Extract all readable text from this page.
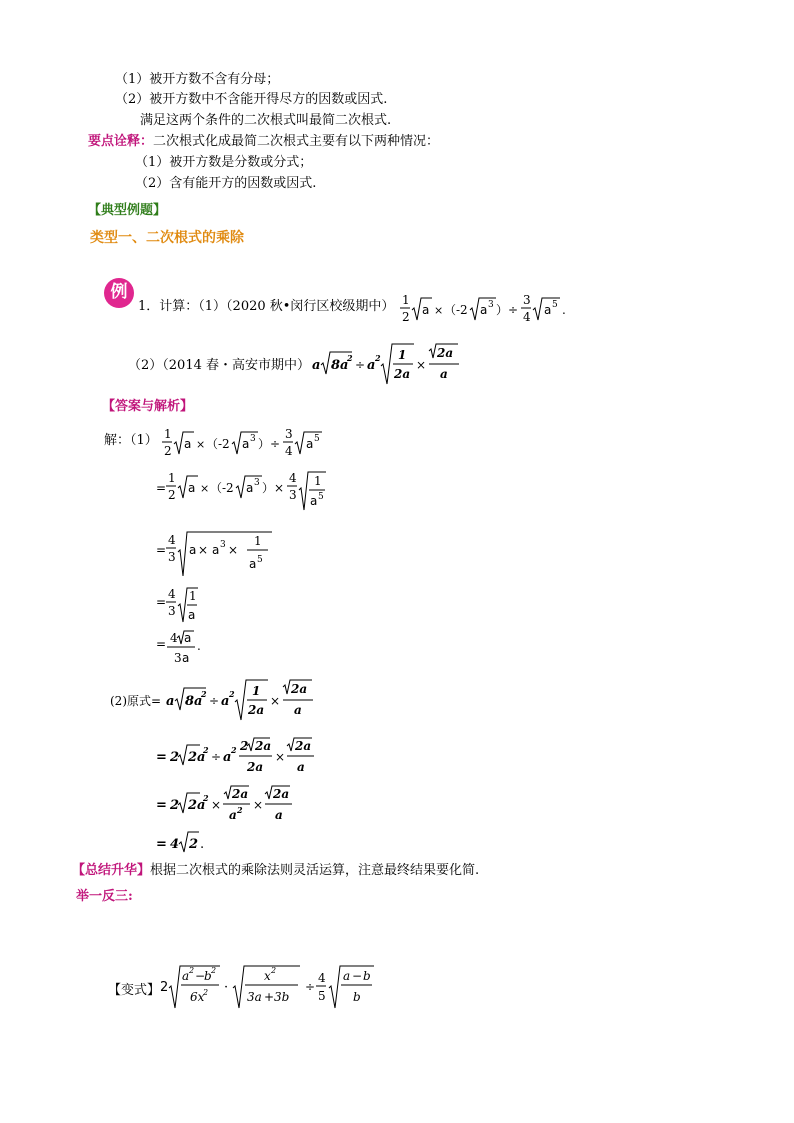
（1）被开方数不含有分母；
（2）被开方数中不含能开得尽方的因数或因式.
满足这两个条件的二次根式叫最简二次根式.
要点诠释：二次根式化成最简二次根式主要有以下两种情况：
（1）被开方数是分数或分式；
（2）含有能开方的因数或因式.
【典型例题】
类型一、二次根式的乘除
例
1．计算：（1）（2020 秋•闵行区校级期中） 1
2 a × （-2 a 3 ）÷
3
4 a 5 .
（2）（2014 春・高安市期中） a 8a
2 ÷ a 2 1
2a
×
2a
a
【答案与解析】
解：（1） 1
2 a × （-2 a 3 ）÷
3
4 a 5
=
1
2 a × （-2 a 3 ）×
4
3
1
a 5
=
4
3 a × a 3 ×
1
a 5
=
4
3
1
a
= 4 a
3 a
.
(2)原式= a 8a
2 ÷ a 2 1
2a
×
2a
a
= 2 2a
2 ÷ a 2 2 2a
2a
×
2a
a
= 2 2a
2 ×
2a
a 2 ×
2a
a
= 4 2 .
【总结升华】根据二次根式的乘除法则灵活运算，注意最终结果要化简.
举一反三:
【变式】 2
a 2 −
b 2
6x
2 ·
x 2
3a + 3b
÷
4
5
a − b
b
